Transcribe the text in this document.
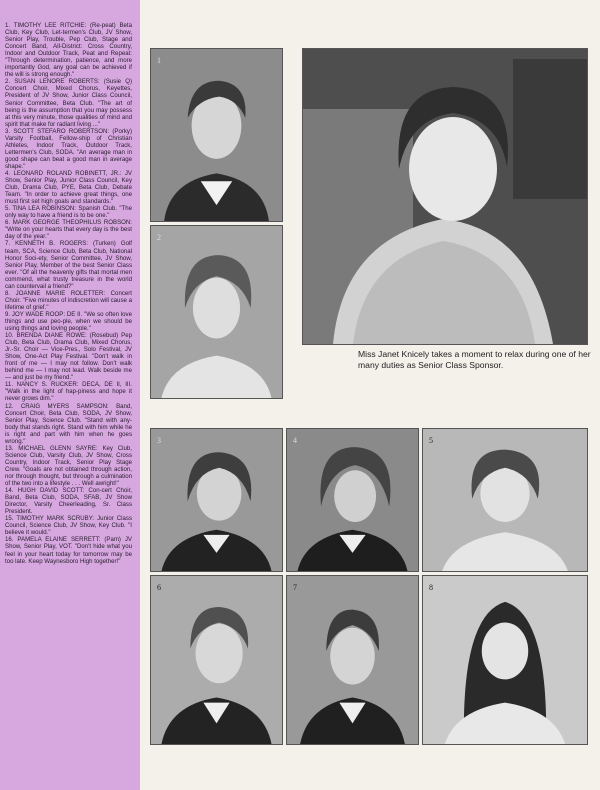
1. TIMOTHY LEE RITCHIE: (Re-peat) Beta Club, Key Club, Let-termen's Club, JV Show, Senior Play, Trouble, Pep Club, Stage and Concert Band, All-District: Cross Country, Indoor and Outdoor Track, Peat and Repeat: "Through determination, patience, and more importantly God, any goal can be achieved if the will is strong enough."

2. SUSAN LENORE ROBERTS: (Susie Q) Concert Choir, Mixed Chorus, Keyettes, President of JV Show, Junior Class Council, Senior Committee, Beta Club. "The art of being is the assumption that you may possess at this very minute, those qualities of mind and spirit that make for radiant living ..."

3. SCOTT STEFARO ROBERTSON: (Porky) Varsity Football, Fellow-ship of Christian Athletes, Indoor Track, Outdoor Track, Lettermen's Club, SODA. "An average man in good shape can beat a good man in average shape."

4. LEONARD ROLAND ROBINETT, JR.: JV Show, Senior Play, Junior Class Council, Key Club, Drama Club, PYE, Beta Club, Debate Team. "In order to achieve great things, one must first set high goals and standards."

5. TINA LEA ROBINSON: Spanish Club. "The only way to have a friend is to be one."

6. MARK GEORGE THEOPHILUS ROBSON: "Write on your hearts that every day is the best day of the year."

7. KENNETH B. ROGERS: (Turken) Golf team, SCA, Science Club, Beta Club, National Honor Soci-ety, Senior Committee, JV Show, Senior Play, Member of the best Senior Class ever. "Of all the heavenly gifts that mortal men commend, what trusty treasure in the world can countervail a friend?"

8. JOANNE MARIE ROLETTER: Concert Choir. "Five minutes of indiscretion will cause a lifetime of grief."

9. JOY WADE ROOP: DE II. "We so often love things and use peo-ple, when we should be using things and loving people."

10. BRENDA DIANE ROWE: (Rosebud) Pep Club, Beta Club, Drama Club, Mixed Chorus, Jr.-Sr. Choir — Vice-Pres., Solo Festival, JV Show, One-Act Play Festival. "Don't walk in front of me — I may not follow. Don't walk behind me — I may not lead. Walk beside me — and just be my friend."

11. NANCY S. RUCKER: DECA, DE II, III. "Walk in the light of hap-piness and hope it never grows dim."

12. CRAIG MYERS SAMPSON: Band, Concert Choir, Beta Club, SODA, JV Show, Senior Play, Science Club. "Stand with any-body that stands right. Stand with him while he is right and part with him when he goes wrong."

13. MICHAEL GLENN SAYRE: Key Club, Science Club, Varsity Club, JV Show, Cross Country, Indoor Track, Senior Play Stage Crew. "Goals are not obtained through action, nor through thought, but through a culmination of the two into a lifestyle . . . Well awright!"

14. HUGH DAVID SCOTT: Con-cert Choir, Band, Beta Club, SODA, SFAB, JV Show Director, Varsity Cheerleading, Sr. Class President.

15. TIMOTHY MARK SCRUBY: Junior Class Council, Science Club, JV Show, Key Club. "I believe it would."

16. PAMELA ELAINE SERRETT: (Pam) JV Show, Senior Play, VOT. "Don't hide what you feel in your heart today for tomorrow may be too late. Keep Waynesboro High together!"

1
2
Miss Janet Knicely takes a moment to relax during one of her many duties as Senior Class Sponsor.
3	4	5
6	7	8
